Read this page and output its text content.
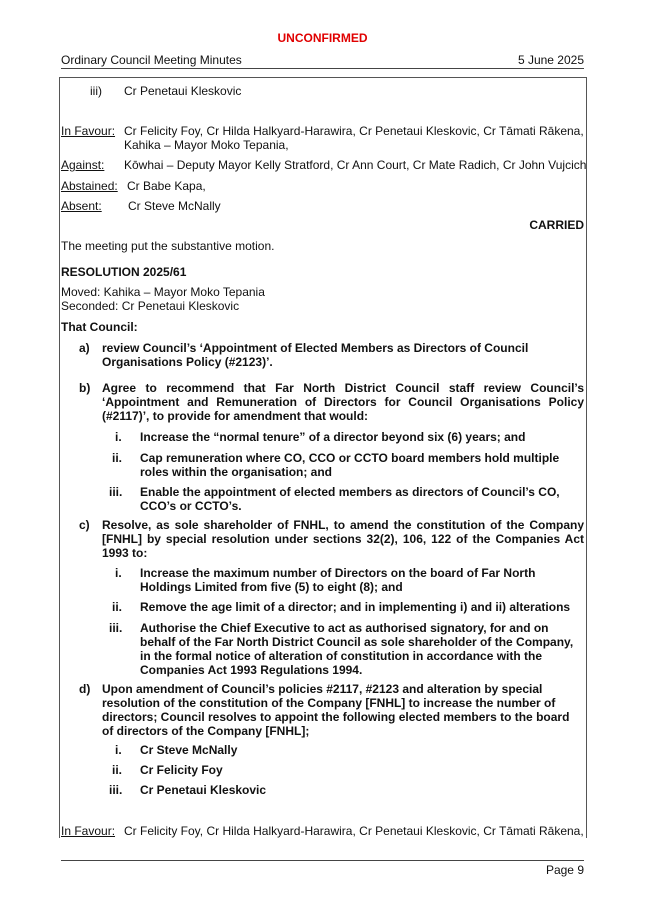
UNCONFIRMED
Ordinary Council Meeting Minutes	5 June 2025
iii) Cr Penetaui Kleskovic
In Favour: Cr Felicity Foy, Cr Hilda Halkyard-Harawira, Cr Penetaui Kleskovic, Cr Tāmati Rākena,
Kahika – Mayor Moko Tepania,
Against: Kōwhai – Deputy Mayor Kelly Stratford, Cr Ann Court, Cr Mate Radich, Cr John Vujcich
Abstained: Cr Babe Kapa,
Absent: Cr Steve McNally
CARRIED
The meeting put the substantive motion.
RESOLUTION 2025/61
Moved: Kahika – Mayor Moko Tepania
Seconded: Cr Penetaui Kleskovic
That Council:
a) review Council’s ‘Appointment of Elected Members as Directors of Council Organisations Policy (#2123)’.
b) Agree to recommend that Far North District Council staff review Council’s ‘Appointment and Remuneration of Directors for Council Organisations Policy (#2117)’, to provide for amendment that would:
i. Increase the “normal tenure” of a director beyond six (6) years; and
ii. Cap remuneration where CO, CCO or CCTO board members hold multiple roles within the organisation; and
iii. Enable the appointment of elected members as directors of Council’s CO, CCO’s or CCTO’s.
c) Resolve, as sole shareholder of FNHL, to amend the constitution of the Company [FNHL] by special resolution under sections 32(2), 106, 122 of the Companies Act 1993 to:
i. Increase the maximum number of Directors on the board of Far North Holdings Limited from five (5) to eight (8); and
ii. Remove the age limit of a director; and in implementing i) and ii) alterations
iii. Authorise the Chief Executive to act as authorised signatory, for and on behalf of the Far North District Council as sole shareholder of the Company, in the formal notice of alteration of constitution in accordance with the Companies Act 1993 Regulations 1994.
d) Upon amendment of Council’s policies #2117, #2123 and alteration by special resolution of the constitution of the Company [FNHL] to increase the number of directors; Council resolves to appoint the following elected members to the board of directors of the Company [FNHL];
i. Cr Steve McNally
ii. Cr Felicity Foy
iii. Cr Penetaui Kleskovic
In Favour: Cr Felicity Foy, Cr Hilda Halkyard-Harawira, Cr Penetaui Kleskovic, Cr Tāmati Rākena,
Page 9
